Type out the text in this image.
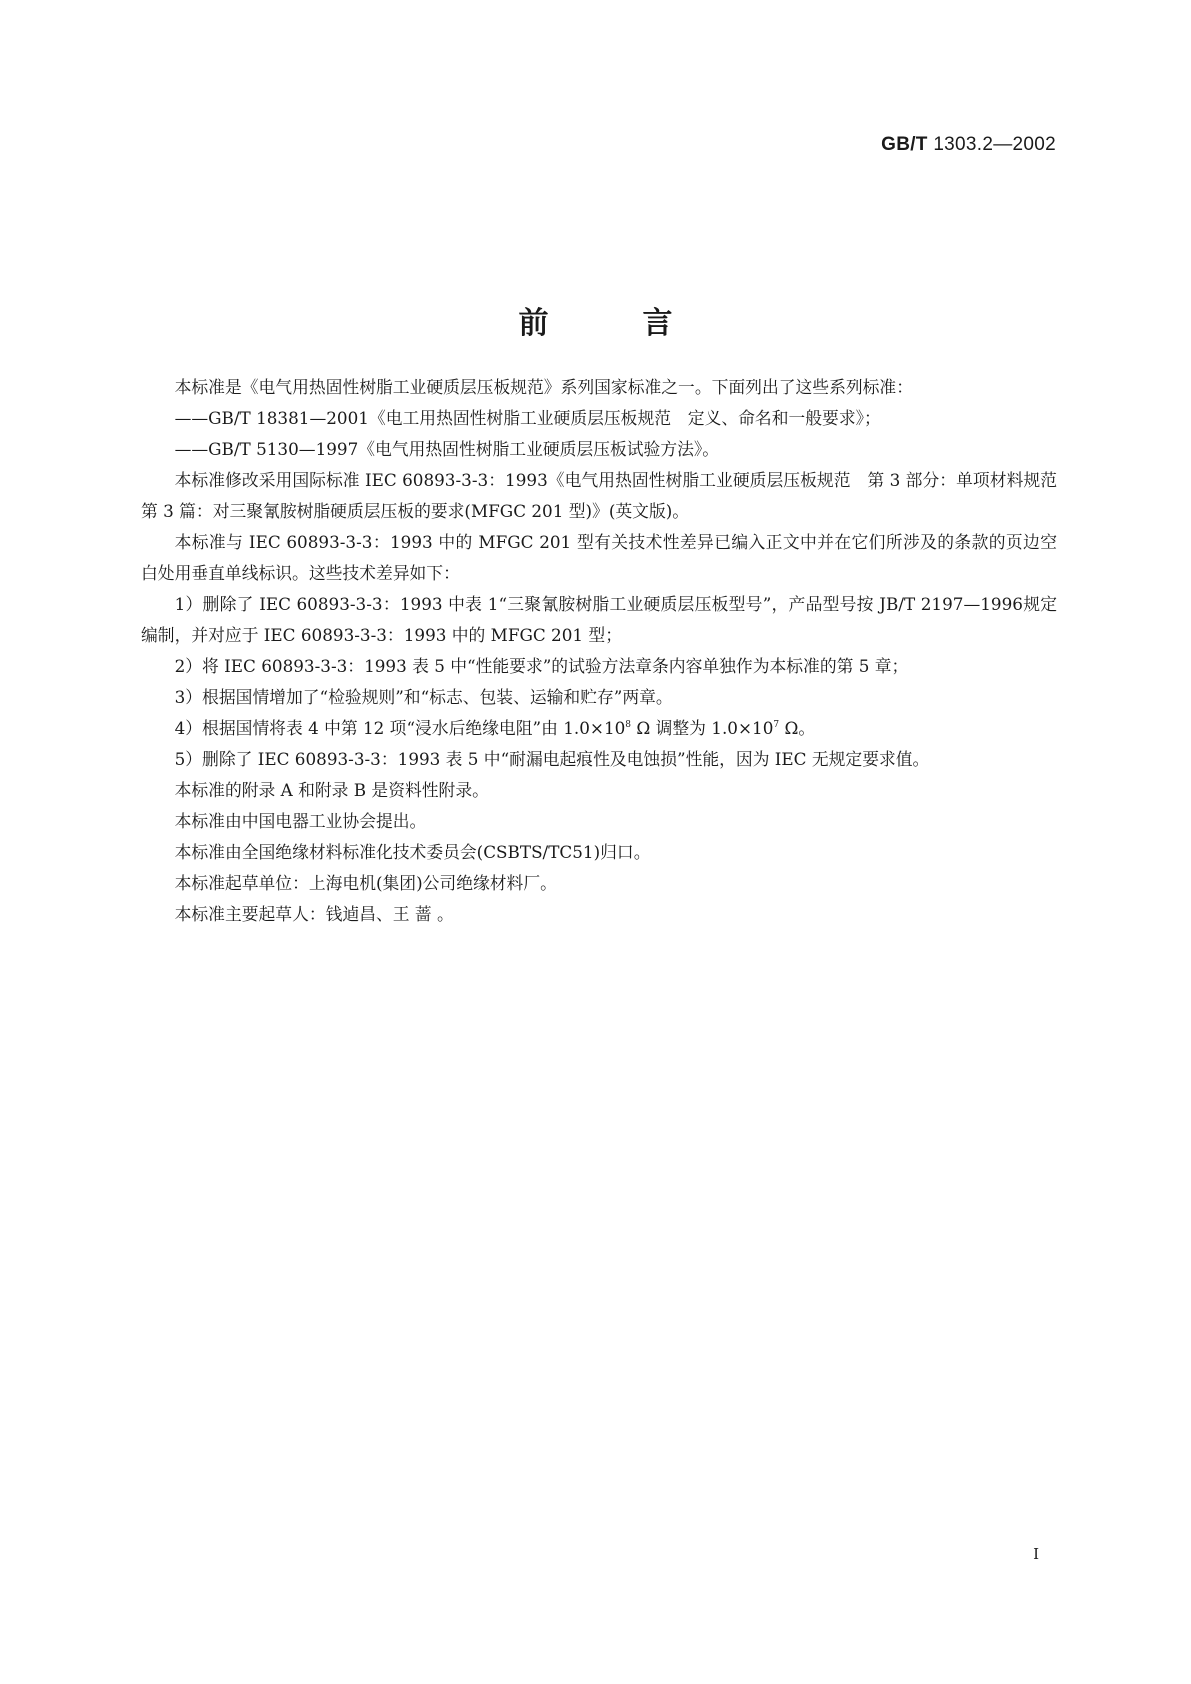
GB/T 1303.2—2002
前	言

本标准是《电气用热固性树脂工业硬质层压板规范》系列国家标准之一。下面列出了这些系列标准：

——GB/T 18381—2001《电工用热固性树脂工业硬质层压板规范　定义、命名和一般要求》；

——GB/T 5130—1997《电气用热固性树脂工业硬质层压板试验方法》。

本标准修改采用国际标准 IEC 60893-3-3：1993《电气用热固性树脂工业硬质层压板规范　第 3 部分：单项材料规范 第 3 篇：对三聚氰胺树脂硬质层压板的要求(MFGC 201 型)》(英文版)。

本标准与 IEC 60893-3-3：1993 中的 MFGC 201 型有关技术性差异已编入正文中并在它们所涉及的条款的页边空白处用垂直单线标识。这些技术差异如下：

1）删除了 IEC 60893-3-3：1993 中表 1“三聚氰胺树脂工业硬质层压板型号”，产品型号按 JB/T 2197—1996规定编制，并对应于 IEC 60893-3-3：1993 中的 MFGC 201 型；

2）将 IEC 60893-3-3：1993 表 5 中“性能要求”的试验方法章条内容单独作为本标准的第 5 章；

3）根据国情增加了“检验规则”和“标志、包装、运输和贮存”两章。

4）根据国情将表 4 中第 12 项“浸水后绝缘电阻”由 $1.0\times 10^8$ Ω 调整为 $1.0\times 10^7$ Ω。

5）删除了 IEC 60893-3-3：1993 表 5 中“耐漏电起痕性及电蚀损”性能，因为 IEC 无规定要求值。

本标准的附录 A 和附录 B 是资料性附录。

本标准由中国电器工业协会提出。

本标准由全国绝缘材料标准化技术委员会(CSBTS/TC51)归口。

本标准起草单位：上海电机(集团)公司绝缘材料厂。

本标准主要起草人：钱逌昌、王 蔷 。

I
